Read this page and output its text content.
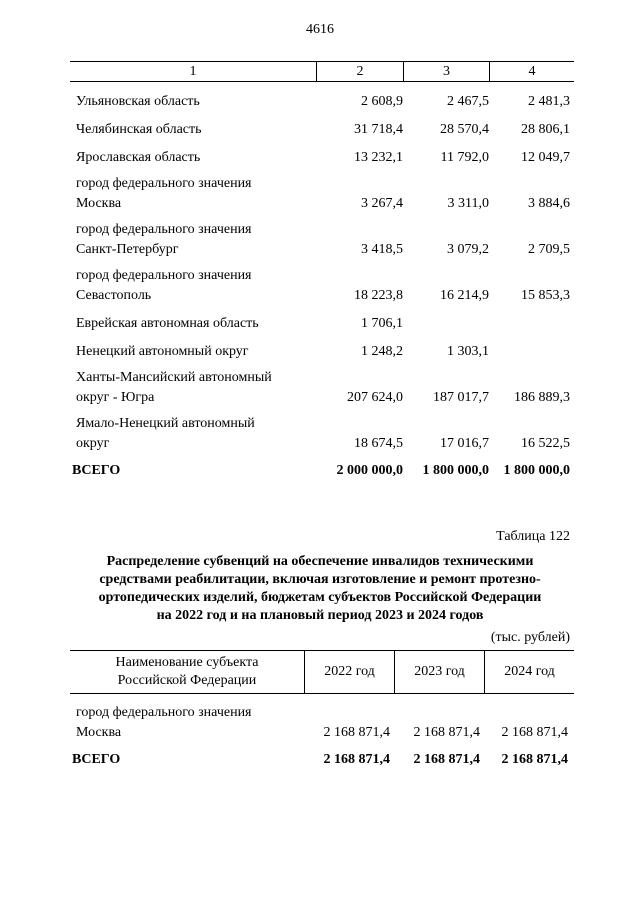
4616
1	2	3	4
Ульяновская область	2 608,9	2 467,5	2 481,3
Челябинская область	31 718,4	28 570,4	28 806,1
Ярославская область	13 232,1	11 792,0	12 049,7
город федерального значения
Москва	3 267,4	3 311,0	3 884,6
город федерального значения
Санкт-Петербург	3 418,5	3 079,2	2 709,5
город федерального значения
Севастополь	18 223,8	16 214,9	15 853,3
Еврейская автономная область	1 706,1
Ненецкий автономный округ	1 248,2	1 303,1
Ханты-Мансийский автономный
округ - Югра	207 624,0	187 017,7	186 889,3
Ямало-Ненецкий автономный
округ	18 674,5	17 016,7	16 522,5
ВСЕГО	2 000 000,0	1 800 000,0	1 800 000,0
Таблица 122
Распределение субвенций на обеспечение инвалидов техническими
средствами реабилитации, включая изготовление и ремонт протезно-
ортопедических изделий, бюджетам субъектов Российской Федерации
на 2022 год и на плановый период 2023 и 2024 годов
(тыс. рублей)
Наименование субъекта
Российской Федерации
2022 год	2023 год	2024 год
город федерального значения
Москва	2 168 871,4	2 168 871,4	2 168 871,4
ВСЕГО	2 168 871,4	2 168 871,4	2 168 871,4
